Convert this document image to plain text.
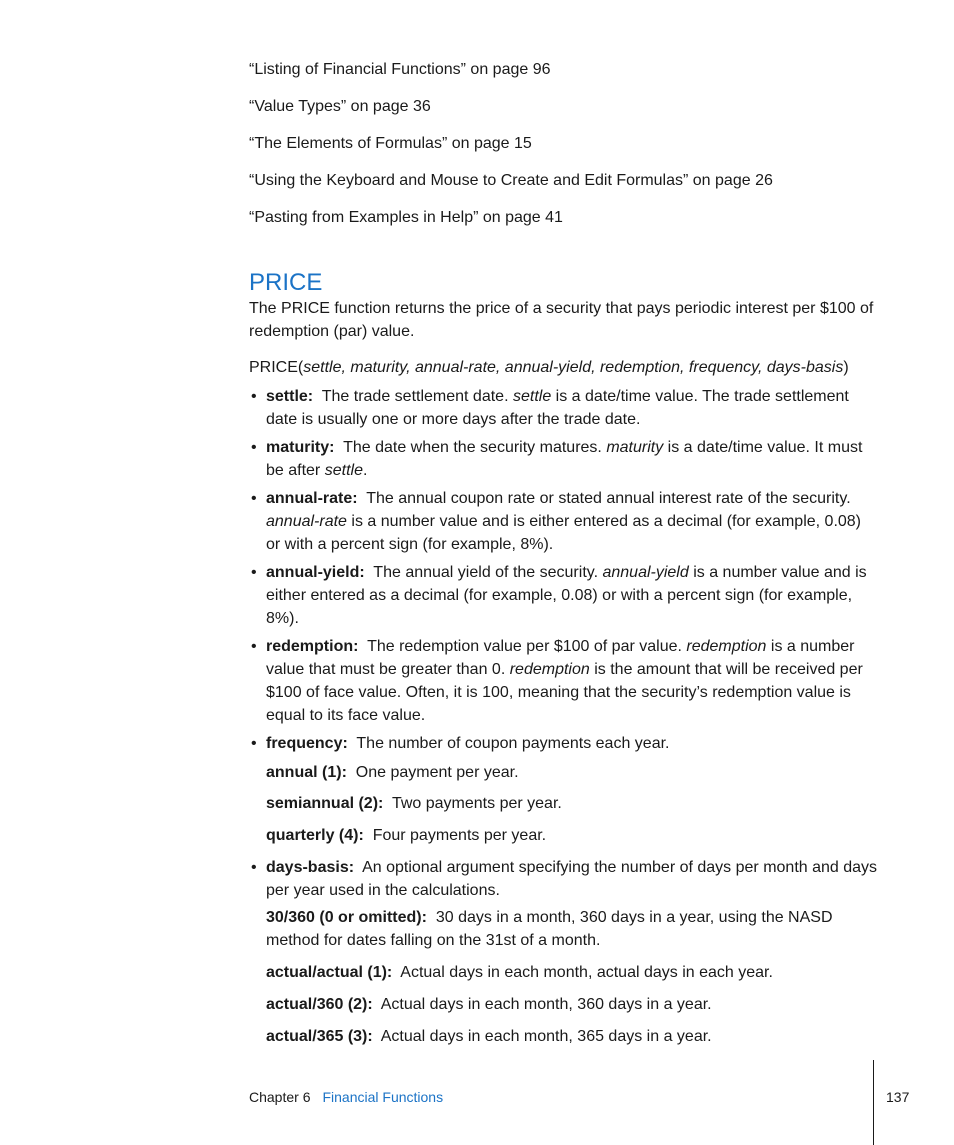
“Listing of Financial Functions” on page 96
“Value Types” on page 36
“The Elements of Formulas” on page 15
“Using the Keyboard and Mouse to Create and Edit Formulas” on page 26
“Pasting from Examples in Help” on page 41
PRICE

The PRICE function returns the price of a security that pays periodic interest per $100 of redemption (par) value.

PRICE(settle, maturity, annual-rate, annual-yield, redemption, frequency, days-basis)

• settle: The trade settlement date. settle is a date/time value. The trade settlement date is usually one or more days after the trade date.
• maturity: The date when the security matures. maturity is a date/time value. It must be after settle.
• annual-rate: The annual coupon rate or stated annual interest rate of the security. annual-rate is a number value and is either entered as a decimal (for example, 0.08) or with a percent sign (for example, 8%).
• annual-yield: The annual yield of the security. annual-yield is a number value and is either entered as a decimal (for example, 0.08) or with a percent sign (for example, 8%).
• redemption: The redemption value per $100 of par value. redemption is a number value that must be greater than 0. redemption is the amount that will be received per $100 of face value. Often, it is 100, meaning that the security’s redemption value is equal to its face value.
• frequency: The number of coupon payments each year.
annual (1): One payment per year.
semiannual (2): Two payments per year.
quarterly (4): Four payments per year.
• days-basis: An optional argument specifying the number of days per month and days per year used in the calculations.
30/360 (0 or omitted): 30 days in a month, 360 days in a year, using the NASD method for dates falling on the 31st of a month.
actual/actual (1): Actual days in each month, actual days in each year.
actual/360 (2): Actual days in each month, 360 days in a year.
actual/365 (3): Actual days in each month, 365 days in a year.
Chapter 6 Financial Functions	137
